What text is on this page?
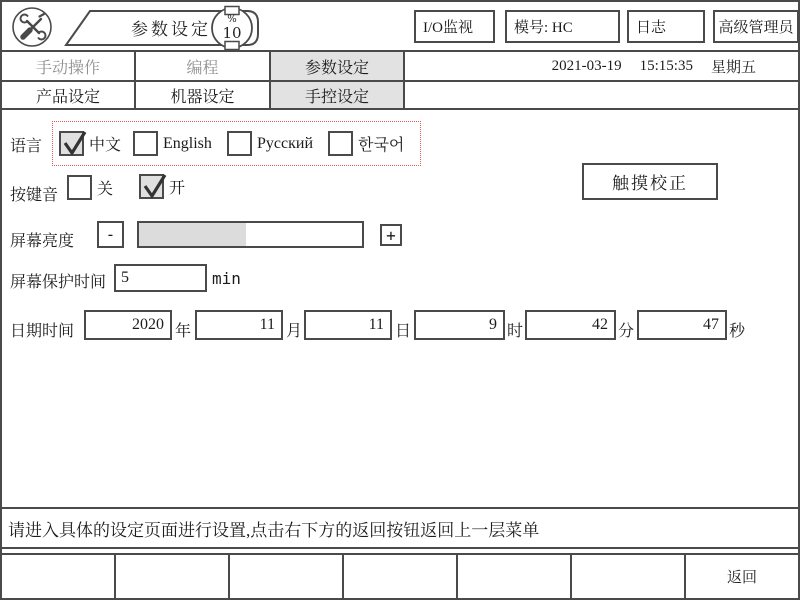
参数设定
%
10	I/O监视	模号: HC	日志	高级管理员
手动操作	编程	参数设定	2021-03-19 15:15:35 星期五
产品设定	机器设定	手控设定
语言	中文	English	Русский	한국어
按键音 关	开	触摸校正
屏幕亮度	-	+
屏幕保护时间 5	min
日期时间	2020 年	11 月	11 日	9 时	42 分	47 秒
请进入具体的设定页面进行设置,点击右下方的返回按钮返回上一层菜单
返回
